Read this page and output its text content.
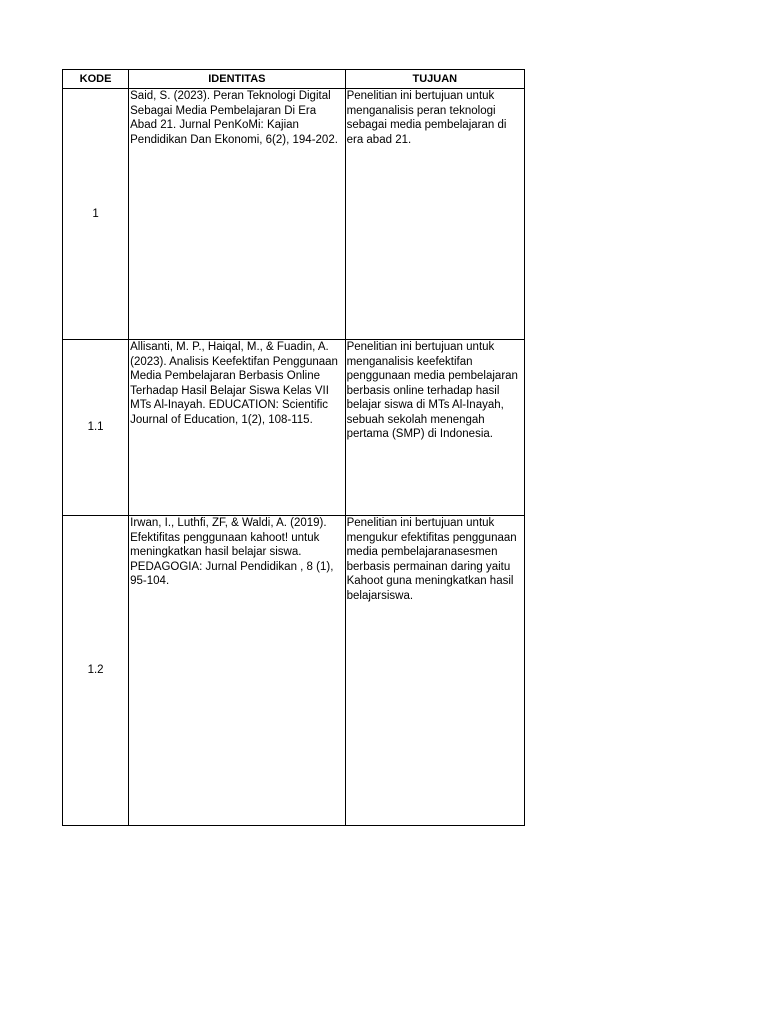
KODE	IDENTITAS	TUJUAN
1	Said, S. (2023). Peran Teknologi Digital Sebagai Media Pembelajaran Di Era Abad 21. Jurnal PenKoMi: Kajian Pendidikan Dan Ekonomi, 6(2), 194-202.	Penelitian ini bertujuan untuk menganalisis peran teknologi sebagai media pembelajaran di era abad 21.
1.1	Allisanti, M. P., Haiqal, M., & Fuadin, A. (2023). Analisis Keefektifan Penggunaan Media Pembelajaran Berbasis Online Terhadap Hasil Belajar Siswa Kelas VII MTs Al-Inayah. EDUCATION: Scientific Journal of Education, 1(2), 108-115.	Penelitian ini bertujuan untuk menganalisis keefektifan penggunaan media pembelajaran berbasis online terhadap hasil belajar siswa di MTs Al-Inayah, sebuah sekolah menengah pertama (SMP) di Indonesia.
1.2	Irwan, I., Luthfi, ZF, & Waldi, A. (2019). Efektifitas penggunaan kahoot! untuk meningkatkan hasil belajar siswa. PEDAGOGIA: Jurnal Pendidikan , 8 (1), 95-104.	Penelitian ini bertujuan untuk mengukur efektifitas penggunaan media pembelajaranasesmen berbasis permainan daring yaitu Kahoot guna meningkatkan hasil belajarsiswa.
